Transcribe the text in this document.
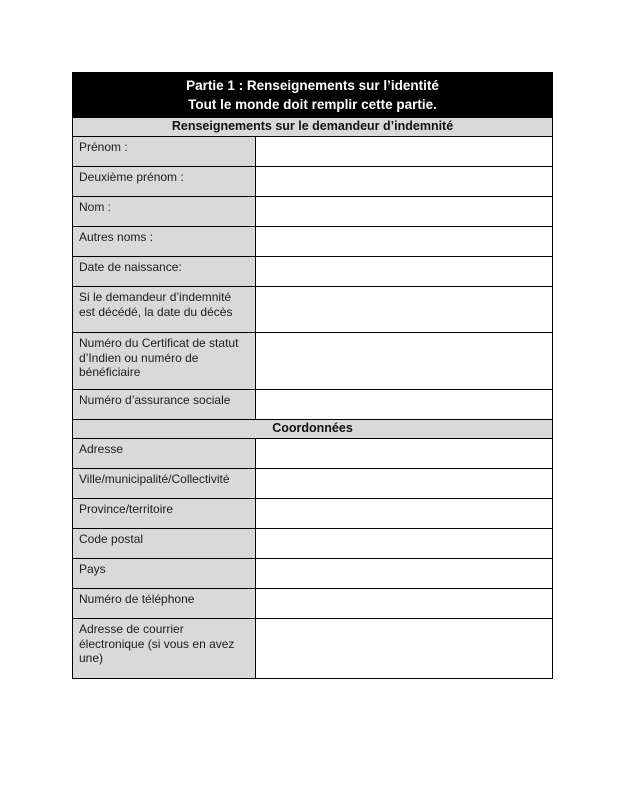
Partie 1 : Renseignements sur l’identité
Tout le monde doit remplir cette partie.	

Renseignements sur le demandeur d’indemnité	
Prénom :	
Deuxième prénom :	
Nom :	
Autres noms :	
Date de naissance:	
Si le demandeur d’indemnité est décédé, la date du décès	
Numéro du Certificat de statut d’Indien ou numéro de bénéficiaire	
Numéro d’assurance sociale	
Coordonnées	
Adresse	
Ville/municipalité/Collectivité	
Province/territoire	
Code postal	
Pays	
Numéro de téléphone	
Adresse de courrier électronique (si vous en avez une)	
